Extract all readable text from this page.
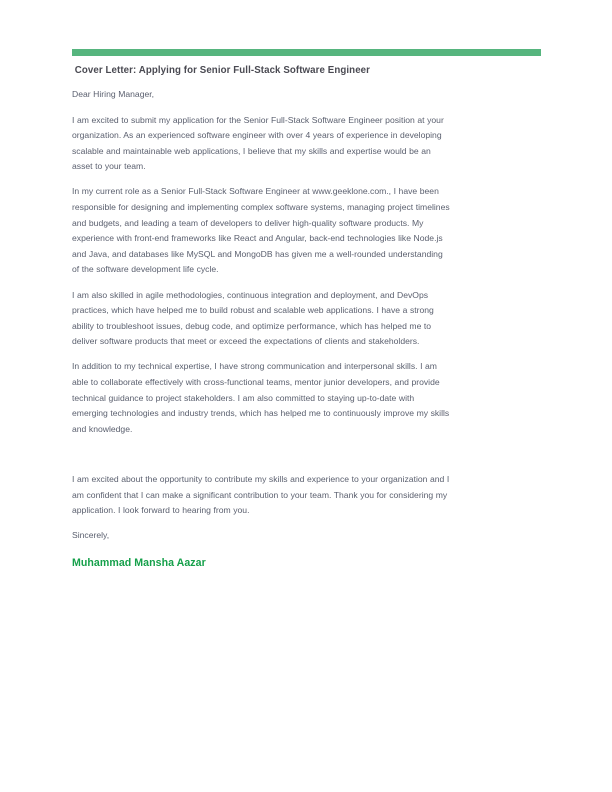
Cover Letter: Applying for Senior Full-Stack Software Engineer

Dear Hiring Manager,

I am excited to submit my application for the Senior Full-Stack Software Engineer position at your organization. As an experienced software engineer with over 4 years of experience in developing scalable and maintainable web applications, I believe that my skills and expertise would be an asset to your team.

In my current role as a Senior Full-Stack Software Engineer at www.geeklone.com., I have been responsible for designing and implementing complex software systems, managing project timelines and budgets, and leading a team of developers to deliver high-quality software products. My experience with front-end frameworks like React and Angular, back-end technologies like Node.js and Java, and databases like MySQL and MongoDB has given me a well-rounded understanding of the software development life cycle.

I am also skilled in agile methodologies, continuous integration and deployment, and DevOps practices, which have helped me to build robust and scalable web applications. I have a strong ability to troubleshoot issues, debug code, and optimize performance, which has helped me to deliver software products that meet or exceed the expectations of clients and stakeholders.

In addition to my technical expertise, I have strong communication and interpersonal skills. I am able to collaborate effectively with cross-functional teams, mentor junior developers, and provide technical guidance to project stakeholders. I am also committed to staying up-to-date with emerging technologies and industry trends, which has helped me to continuously improve my skills and knowledge.

I am excited about the opportunity to contribute my skills and experience to your organization and I am confident that I can make a significant contribution to your team. Thank you for considering my application. I look forward to hearing from you.

Sincerely,

Muhammad Mansha Aazar
